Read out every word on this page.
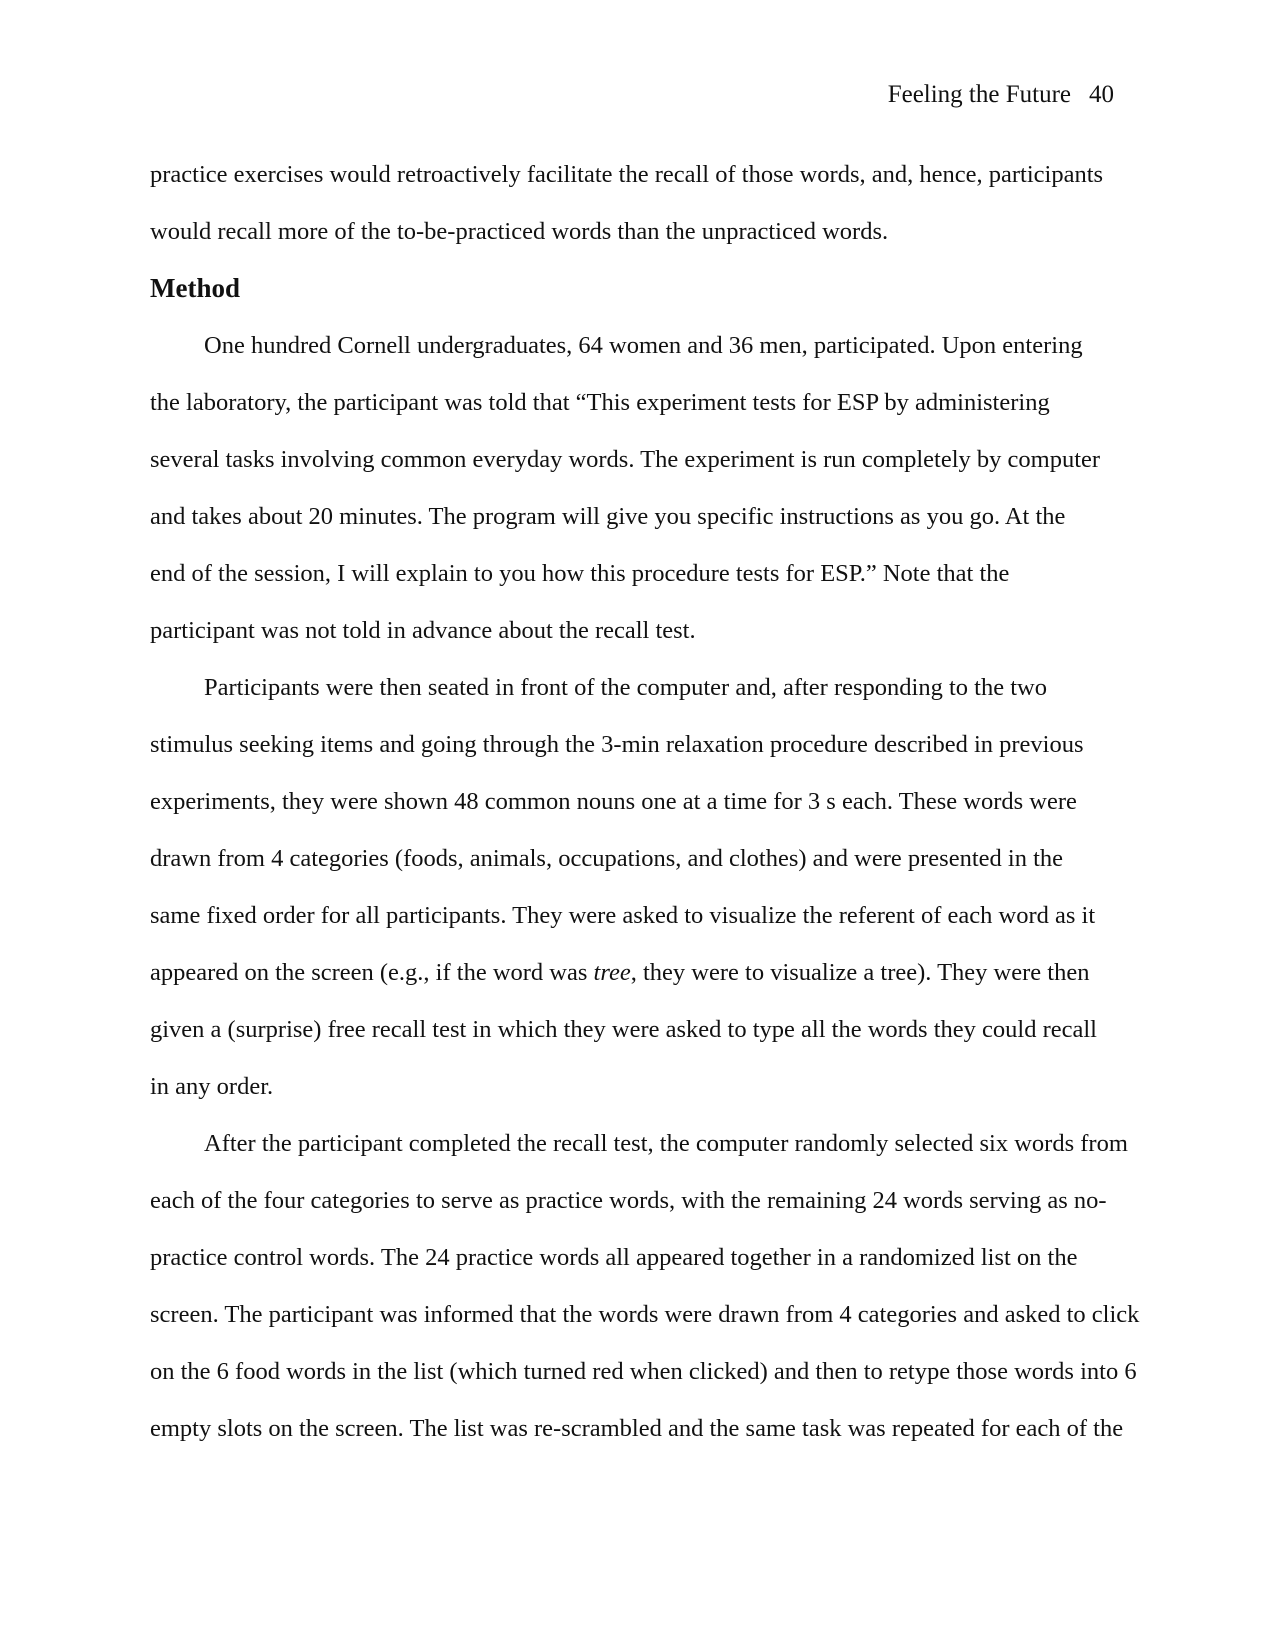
Feeling the Future 40

practice exercises would retroactively facilitate the recall of those words, and, hence, participants
would recall more of the to-be-practiced words than the unpracticed words.

Method

One hundred Cornell undergraduates, 64 women and 36 men, participated. Upon entering
the laboratory, the participant was told that “This experiment tests for ESP by administering
several tasks involving common everyday words. The experiment is run completely by computer
and takes about 20 minutes. The program will give you specific instructions as you go. At the
end of the session, I will explain to you how this procedure tests for ESP.” Note that the
participant was not told in advance about the recall test.

Participants were then seated in front of the computer and, after responding to the two
stimulus seeking items and going through the 3-min relaxation procedure described in previous
experiments, they were shown 48 common nouns one at a time for 3 s each. These words were
drawn from 4 categories (foods, animals, occupations, and clothes) and were presented in the
same fixed order for all participants. They were asked to visualize the referent of each word as it
appeared on the screen (e.g., if the word was tree, they were to visualize a tree). They were then
given a (surprise) free recall test in which they were asked to type all the words they could recall
in any order.

After the participant completed the recall test, the computer randomly selected six words from
each of the four categories to serve as practice words, with the remaining 24 words serving as no-
practice control words. The 24 practice words all appeared together in a randomized list on the
screen. The participant was informed that the words were drawn from 4 categories and asked to click
on the 6 food words in the list (which turned red when clicked) and then to retype those words into 6
empty slots on the screen. The list was re-scrambled and the same task was repeated for each of the
